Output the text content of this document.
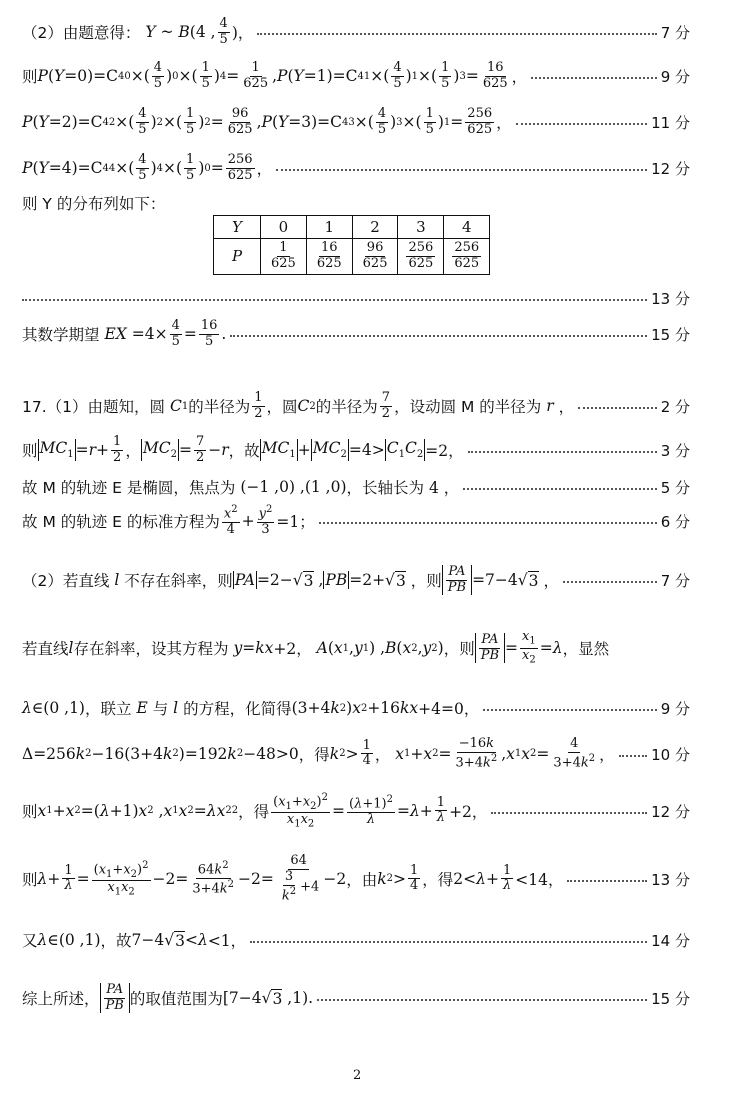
（2）由题意得：
Y ~ B (4 , $\frac{4}{5}$ )，	7 分
则 P ( Y =0)=C 4 0 ×( $\frac{4}{5}$ ) 0 ×( $\frac{1}{5}$ ) $4 = \frac{1}{625}$ , P ( Y =1)=C 4 1 ×( $\frac{4}{5}$ ) 1 ×( $\frac{1}{5}$ ) $3 = \frac{16}{625}$ ，	9 分
P ( Y =2)=C 4 2 ×( $\frac{4}{5}$ ) 2 ×( $\frac{1}{5}$ ) $2 = \frac{96}{625}$ , P ( Y =3)=C 4 3 ×( $\frac{4}{5}$ ) 3 ×( $\frac{1}{5}$ ) $1 = \frac{256}{625}$ ，	11 分
P ( Y =4)=C 4 4 ×( $\frac{4}{5}$ ) 4 ×( $\frac{1}{5}$ ) $0 = \frac{256}{625}$ ，	12 分
则 Y 的分布列如下：
Y	0	1	2	3	4
P	$\frac{1}{625}$	$\frac{16}{625}$	$\frac{96}{625}$	$\frac{256}{625}$	$\frac{256}{625}$
13 分
其数学期望
EX $=4\times \frac{4}{5} = \frac{16}{5}$ .	15 分
17.（1）由题知，圆
C 1 的半径为 $\frac{1}{2}$ ，圆 C 2 的半径为 $\frac{7}{2}$ ，设动圆 M 的半径为
r
，	2 分
则 $MC_1 = r + \frac{1}{2}$ ， $MC_2 = \frac{7}{2} - r$ ，故 $MC_1 + MC_2 =4> C_1C_2 =2$，	3 分
故
M 的轨迹 E 是椭圆，焦点为 (−1 ,0) ,(1 ,0) ，长轴长为 4 ，	5 分
故
M 的轨迹 E 的标准方程为 $\frac{x^2}{4} + \frac{y^2}{3} =1$；	6 分
（2）若直线
l
不存在斜率，则 PA =2−√ 3 , PB =2+√ 3 ，则 $\frac{PA}{PB} =7-4√$ 3 ，	7 分
若直线 l 存在斜率，设其方程为
y = kx +2， A ( x 1 , y 1 ) , B ( x 2 , y 2 ) ，则 $\frac{PA}{PB} = \frac{x_1}{x_2} = \lambda$ ，显然
λ ∈(0 ,1) ，联立
E
与
l
的方程，化简得 (3+4 k 2 ) x 2 +16 kx +4=0，	9 分
Δ=256 k 2 −16(3+4 k 2 )=192 k 2 −48>0 ，得 k $2 > \frac{1}{4}$ ， x 1 + x $2 = \frac{-16k}{3+4k^2}$ , x 1 x $2 = \frac{4}{3+4k^2}$ ， 10 分
则 x 1 + x 2 =( λ +1) x 2 , x 1 x 2 = λx 2 2 ，得 $\frac{(x_1+x_2)^2}{x_1x_2} = \frac{(\lambda+1)^2}{\lambda} = \lambda + \frac{1}{\lambda} +2$，	12 分
则 $\lambda + \frac{1}{\lambda} = \frac{(x_1+x_2)^2}{x_1x_2} -2= \frac{64k^2}{3+4k^2} -2= \frac{64}{\frac{3}{k^2} +4} -2$ ，由 k $2 > \frac{1}{4}$ ，得 $2< \lambda + \frac{1}{\lambda} <14$，	13 分
又 λ ∈(0 ,1) ，故 7−4√ 3 < λ <1，	14 分
综上所述， $\frac{PA}{PB}$ 的取值范围为 [7−4√ 3 ,1).	15 分
2
